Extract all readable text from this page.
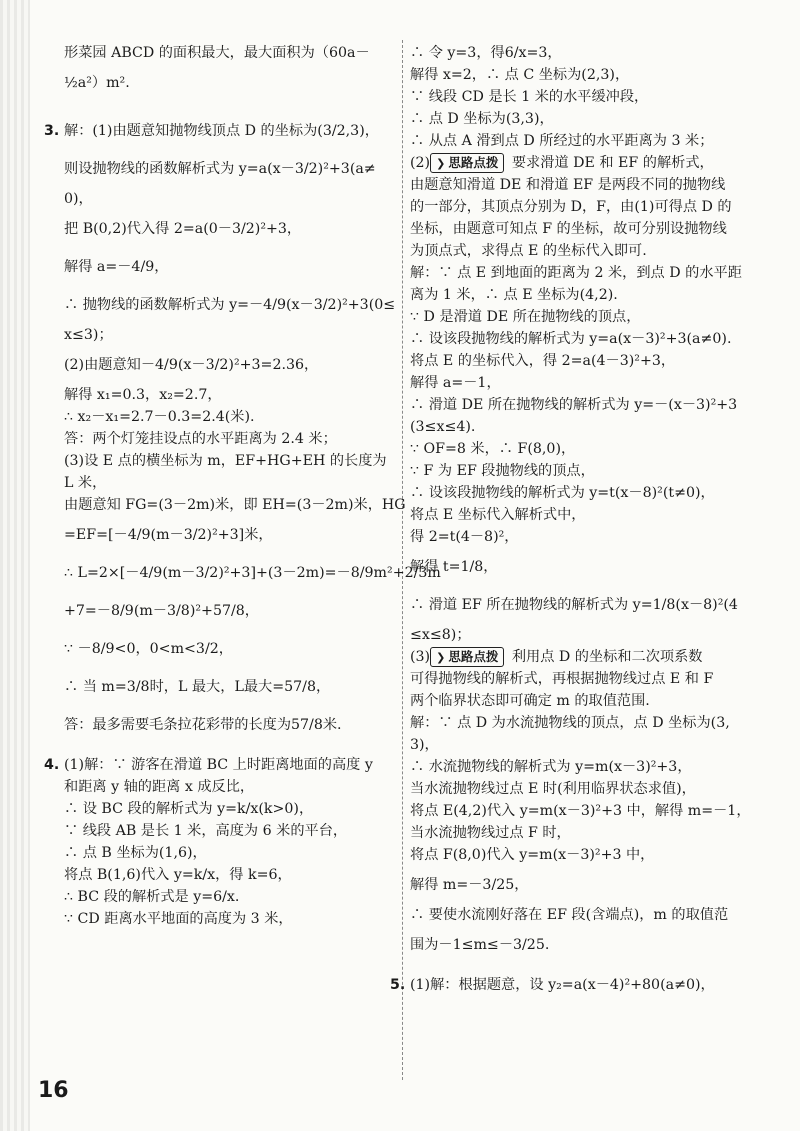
形菜园 ABCD 的面积最大，最大面积为（60a－
½a²）m².
3. 解：(1)由题意知抛物线顶点 D 的坐标为(3/2,3)，
则设抛物线的函数解析式为 y=a(x－3/2)²+3(a≠
0)，
把 B(0,2)代入得 2=a(0－3/2)²+3，
解得 a=－4/9，
∴ 抛物线的函数解析式为 y=－4/9(x－3/2)²+3(0≤
x≤3)；
(2)由题意知－4/9(x－3/2)²+3=2.36，
解得 x₁=0.3，x₂=2.7，
∴ x₂－x₁=2.7－0.3=2.4(米).
答：两个灯笼挂设点的水平距离为 2.4 米；
(3)设 E 点的横坐标为 m，EF+HG+EH 的长度为
L 米，
由题意知 FG=(3－2m)米，即 EH=(3－2m)米，HG
=EF=[－4/9(m－3/2)²+3]米，
∴ L=2×[－4/9(m－3/2)²+3]+(3－2m)=－8/9m²+2/3m
+7=－8/9(m－3/8)²+57/8，
∵ －8/9<0，0<m<3/2，
∴ 当 m=3/8时，L 最大，L最大=57/8，
答：最多需要毛条拉花彩带的长度为57/8米.
4. (1)解：∵ 游客在滑道 BC 上时距离地面的高度 y
和距离 y 轴的距离 x 成反比，
∴ 设 BC 段的解析式为 y=k/x(k>0)，
∵ 线段 AB 是长 1 米，高度为 6 米的平台，
∴ 点 B 坐标为(1,6)，
将点 B(1,6)代入 y=k/x，得 k=6，
∴ BC 段的解析式是 y=6/x.
∵ CD 距离水平地面的高度为 3 米，
∴ 令 y=3，得6/x=3，
解得 x=2，∴ 点 C 坐标为(2,3)，
∵ 线段 CD 是长 1 米的水平缓冲段，
∴ 点 D 坐标为(3,3)，
∴ 从点 A 滑到点 D 所经过的水平距离为 3 米；
(2) ❯ 思路点拨 要求滑道 DE 和 EF 的解析式，
由题意知滑道 DE 和滑道 EF 是两段不同的抛物线
的一部分，其顶点分别为 D，F，由(1)可得点 D 的
坐标，由题意可知点 F 的坐标，故可分别设抛物线
为顶点式，求得点 E 的坐标代入即可.
解：∵ 点 E 到地面的距离为 2 米，到点 D 的水平距
离为 1 米，∴ 点 E 坐标为(4,2).
∵ D 是滑道 DE 所在抛物线的顶点，
∴ 设该段抛物线的解析式为 y=a(x－3)²+3(a≠0).
将点 E 的坐标代入，得 2=a(4－3)²+3，
解得 a=－1，
∴ 滑道 DE 所在抛物线的解析式为 y=－(x－3)²+3
(3≤x≤4).
∵ OF=8 米，∴ F(8,0)，
∵ F 为 EF 段抛物线的顶点，
∴ 设该段抛物线的解析式为 y=t(x－8)²(t≠0)，
将点 E 坐标代入解析式中，
得 2=t(4－8)²，
解得 t=1/8，
∴ 滑道 EF 所在抛物线的解析式为 y=1/8(x－8)²(4
≤x≤8)；
(3) ❯ 思路点拨 利用点 D 的坐标和二次项系数
可得抛物线的解析式，再根据抛物线过点 E 和 F
两个临界状态即可确定 m 的取值范围.
解：∵ 点 D 为水流抛物线的顶点，点 D 坐标为(3,
3)，
∴ 水流抛物线的解析式为 y=m(x－3)²+3，
当水流抛物线过点 E 时(利用临界状态求值)，
将点 E(4,2)代入 y=m(x－3)²+3 中，解得 m=－1，
当水流抛物线过点 F 时，
将点 F(8,0)代入 y=m(x－3)²+3 中，
解得 m=－3/25，
∴ 要使水流刚好落在 EF 段(含端点)，m 的取值范
围为－1≤m≤－3/25.
5. (1)解：根据题意，设 y₂=a(x－4)²+80(a≠0)，
16
